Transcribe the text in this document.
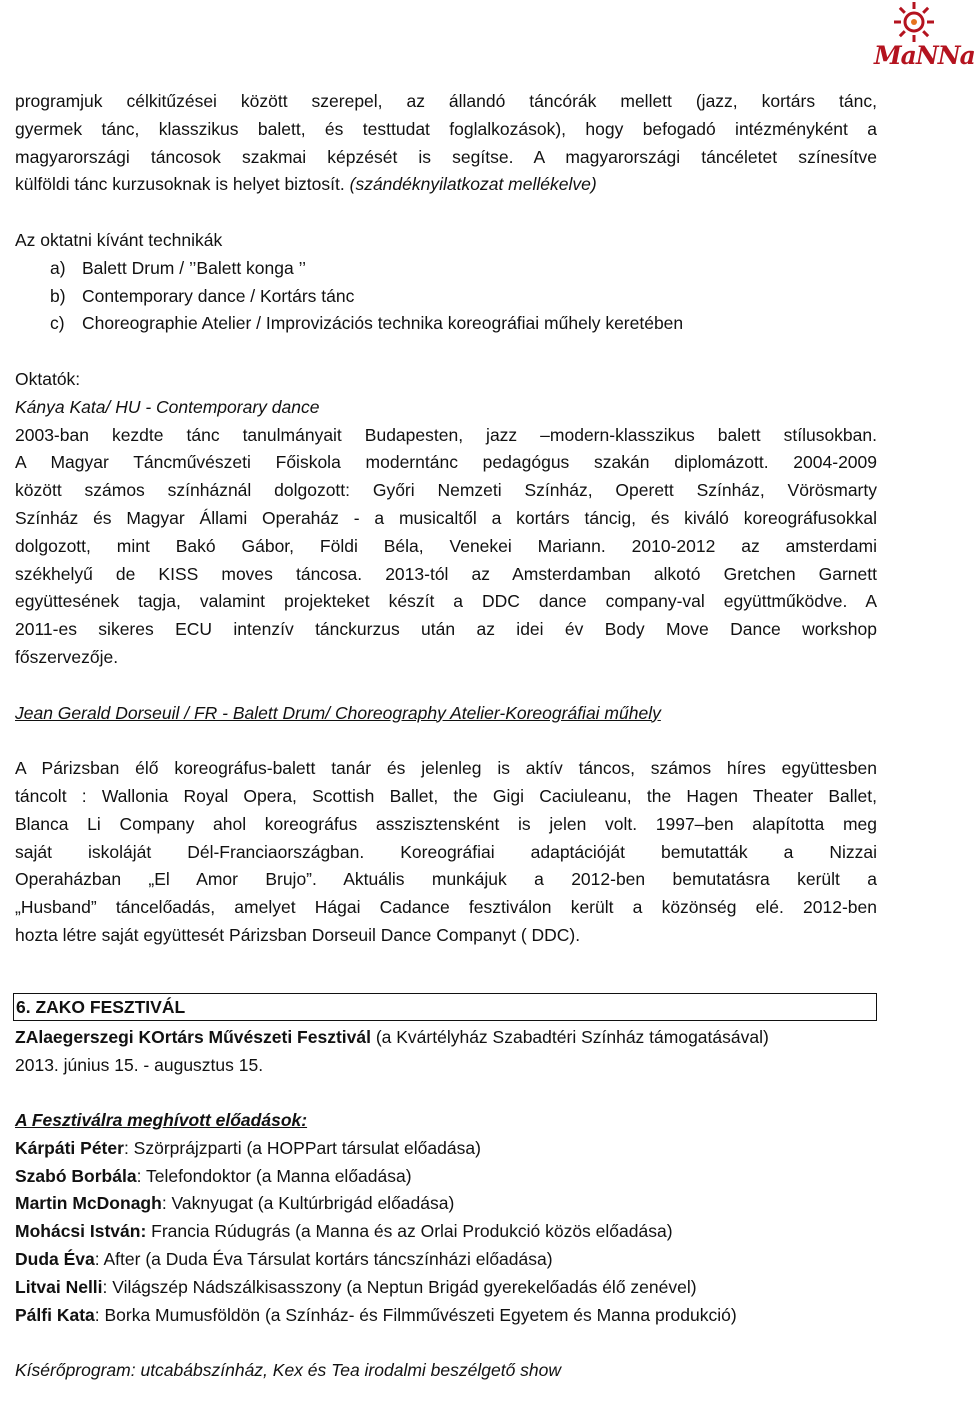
MaNNa

programjuk célkitűzései között szerepel, az állandó táncórák mellett (jazz, kortárs tánc,

gyermek tánc, klasszikus balett, és testtudat foglalkozások), hogy befogadó intézményként a

magyarországi táncosok szakmai képzését is segítse. A magyarországi táncéletet színesítve

külföldi tánc kurzusoknak is helyet biztosít. (szándéknyilatkozat mellékelve)

Az oktatni kívánt technikák

a) Balett Drum / ’’Balett konga ’’
b) Contemporary dance / Kortárs tánc
c) Choreographie Atelier / Improvizációs technika koreográfiai műhely keretében

Oktatók:

Kánya Kata/ HU - Contemporary dance

2003-ban kezdte tánc tanulmányait Budapesten, jazz –modern-klasszikus balett stílusokban.

A Magyar Táncművészeti Főiskola moderntánc pedagógus szakán diplomázott. 2004-2009

között számos színháznál dolgozott: Győri Nemzeti Színház, Operett Színház, Vörösmarty

Színház és Magyar Állami Operaház - a musicaltől a kortárs táncig, és kiváló koreográfusokkal

dolgozott, mint Bakó Gábor, Földi Béla, Venekei Mariann. 2010-2012 az amsterdami

székhelyű de KISS moves táncosa. 2013-tól az Amsterdamban alkotó Gretchen Garnett

együttesének tagja, valamint projekteket készít a DDC dance company-val együttműködve. A

2011-es sikeres ECU intenzív tánckurzus után az idei év Body Move Dance workshop

főszervezője.

Jean Gerald Dorseuil / FR - Balett Drum/ Choreography Atelier-Koreográfiai műhely

A Párizsban élő koreográfus-balett tanár és jelenleg is aktív táncos, számos híres együttesben

táncolt : Wallonia Royal Opera, Scottish Ballet, the Gigi Caciuleanu, the Hagen Theater Ballet,

Blanca Li Company ahol koreográfus asszisztensként is jelen volt. 1997–ben alapította meg

saját iskoláját Dél-Franciaországban. Koreográfiai adaptációját bemutatták a Nizzai

Operaházban „El Amor Brujo”. Aktuális munkájuk a 2012-ben bemutatásra került a

„Husband” táncelőadás, amelyet Hágai Cadance fesztiválon került a közönség elé. 2012-ben

hozta létre saját együttesét Párizsban Dorseuil Dance Companyt ( DDC).

6. ZAKO FESZTIVÁL

ZAlaegerszegi KOrtárs Művészeti Fesztivál (a Kvártélyház Szabadtéri Színház támogatásával)

2013. június 15. - augusztus 15.

A Fesztiválra meghívott előadások:

Kárpáti Péter: Szörprájzparti (a HOPPart társulat előadása)

Szabó Borbála: Telefondoktor (a Manna előadása)

Martin McDonagh: Vaknyugat (a Kultúrbrigád előadása)

Mohácsi István: Francia Rúdugrás (a Manna és az Orlai Produkció közös előadása)

Duda Éva: After (a Duda Éva Társulat kortárs táncszínházi előadása)

Litvai Nelli: Világszép Nádszálkisasszony (a Neptun Brigád gyerekelőadás élő zenével)

Pálfi Kata: Borka Mumusföldön (a Színház- és Filmművészeti Egyetem és Manna produkció)

Kísérőprogram: utcabábszínház, Kex és Tea irodalmi beszélgető show
